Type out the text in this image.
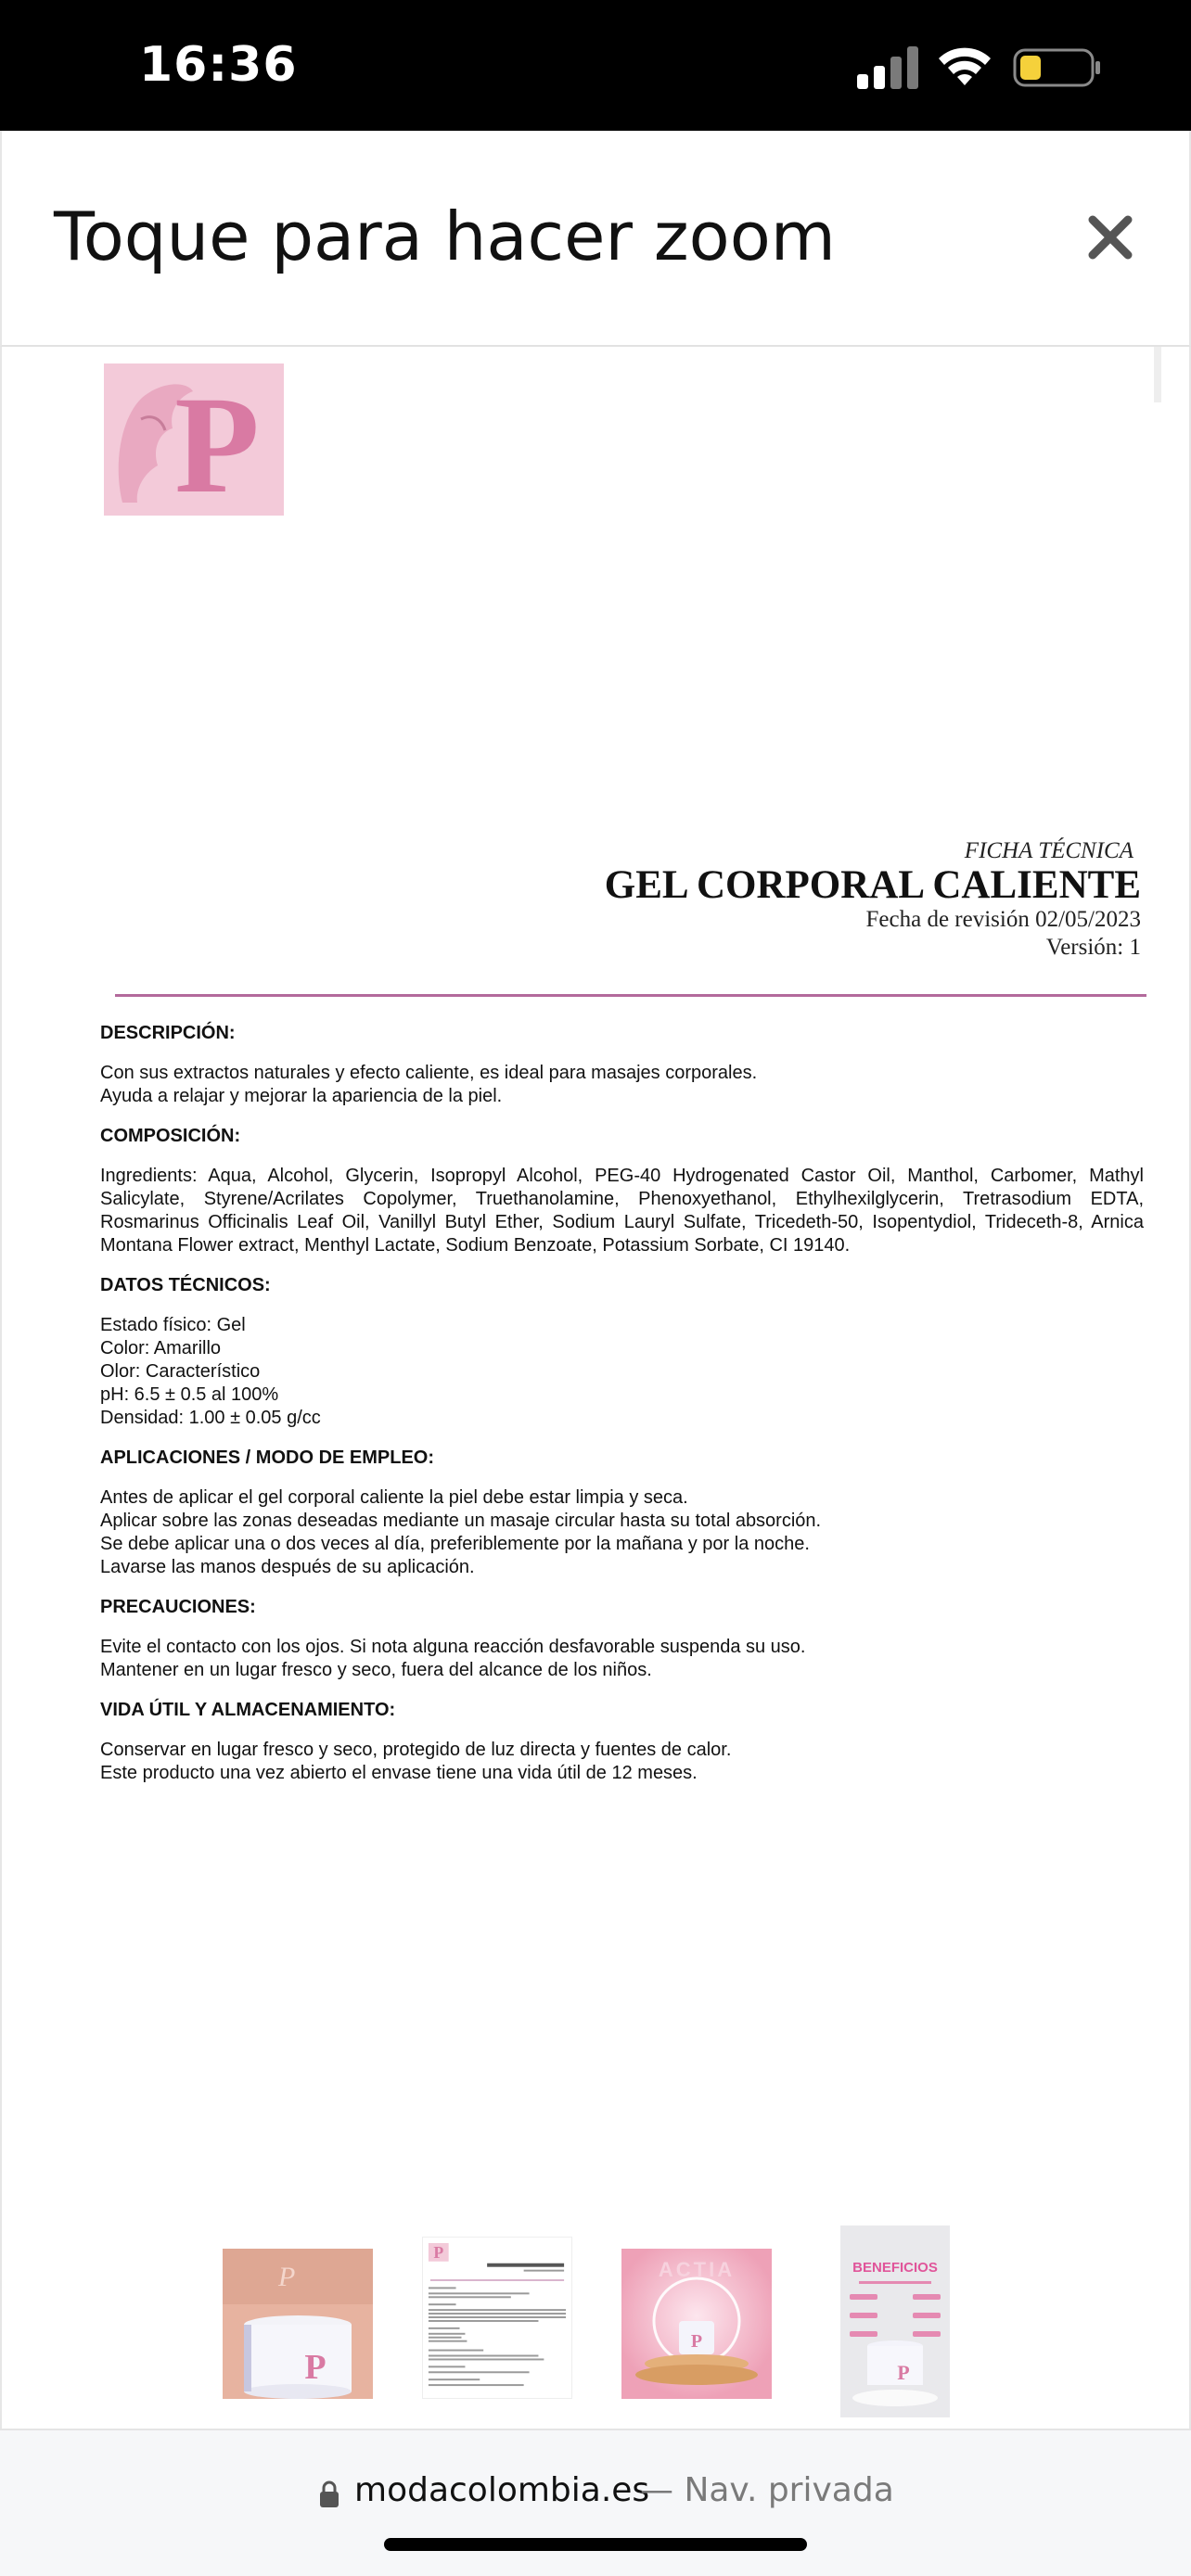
16:36
Toque para hacer zoom
P
FICHA TÉCNICA
GEL CORPORAL CALIENTE
Fecha de revisión 02/05/2023
Versión: 1
DESCRIPCIÓN:

Con sus extractos naturales y efecto caliente, es ideal para masajes corporales.

Ayuda a relajar y mejorar la apariencia de la piel.

COMPOSICIÓN:

Ingredients: Aqua, Alcohol, Glycerin, Isopropyl Alcohol, PEG-40 Hydrogenated Castor Oil, Manthol, Carbomer, Mathyl Salicylate, Styrene/Acrilates Copolymer, Truethanolamine, Phenoxyethanol, Ethylhexilglycerin, Tretrasodium EDTA, Rosmarinus Officinalis Leaf Oil, Vanillyl Butyl Ether, Sodium Lauryl Sulfate, Tricedeth-50, Isopentydiol, Trideceth-8, Arnica Montana Flower extract, Menthyl Lactate, Sodium Benzoate, Potassium Sorbate, CI 19140.

DATOS TÉCNICOS:

Estado físico: Gel

Color: Amarillo

Olor: Característico

pH: 6.5 ± 0.5 al 100%

Densidad: 1.00 ± 0.05 g/cc

APLICACIONES / MODO DE EMPLEO:

Antes de aplicar el gel corporal caliente la piel debe estar limpia y seca.

Aplicar sobre las zonas deseadas mediante un masaje circular hasta su total absorción.

Se debe aplicar una o dos veces al día, preferiblemente por la mañana y por la noche.

Lavarse las manos después de su aplicación.

PRECAUCIONES:

Evite el contacto con los ojos. Si nota alguna reacción desfavorable suspenda su uso.

Mantener en un lugar fresco y seco, fuera del alcance de los niños.

VIDA ÚTIL Y ALMACENAMIENTO:

Conservar en lugar fresco y seco, protegido de luz directa y fuentes de calor.

Este producto una vez abierto el envase tiene una vida útil de 12 meses.

P
P
P
ACTIA
P
BENEFICIOS
P
modacolombia.es
— Nav. privada
